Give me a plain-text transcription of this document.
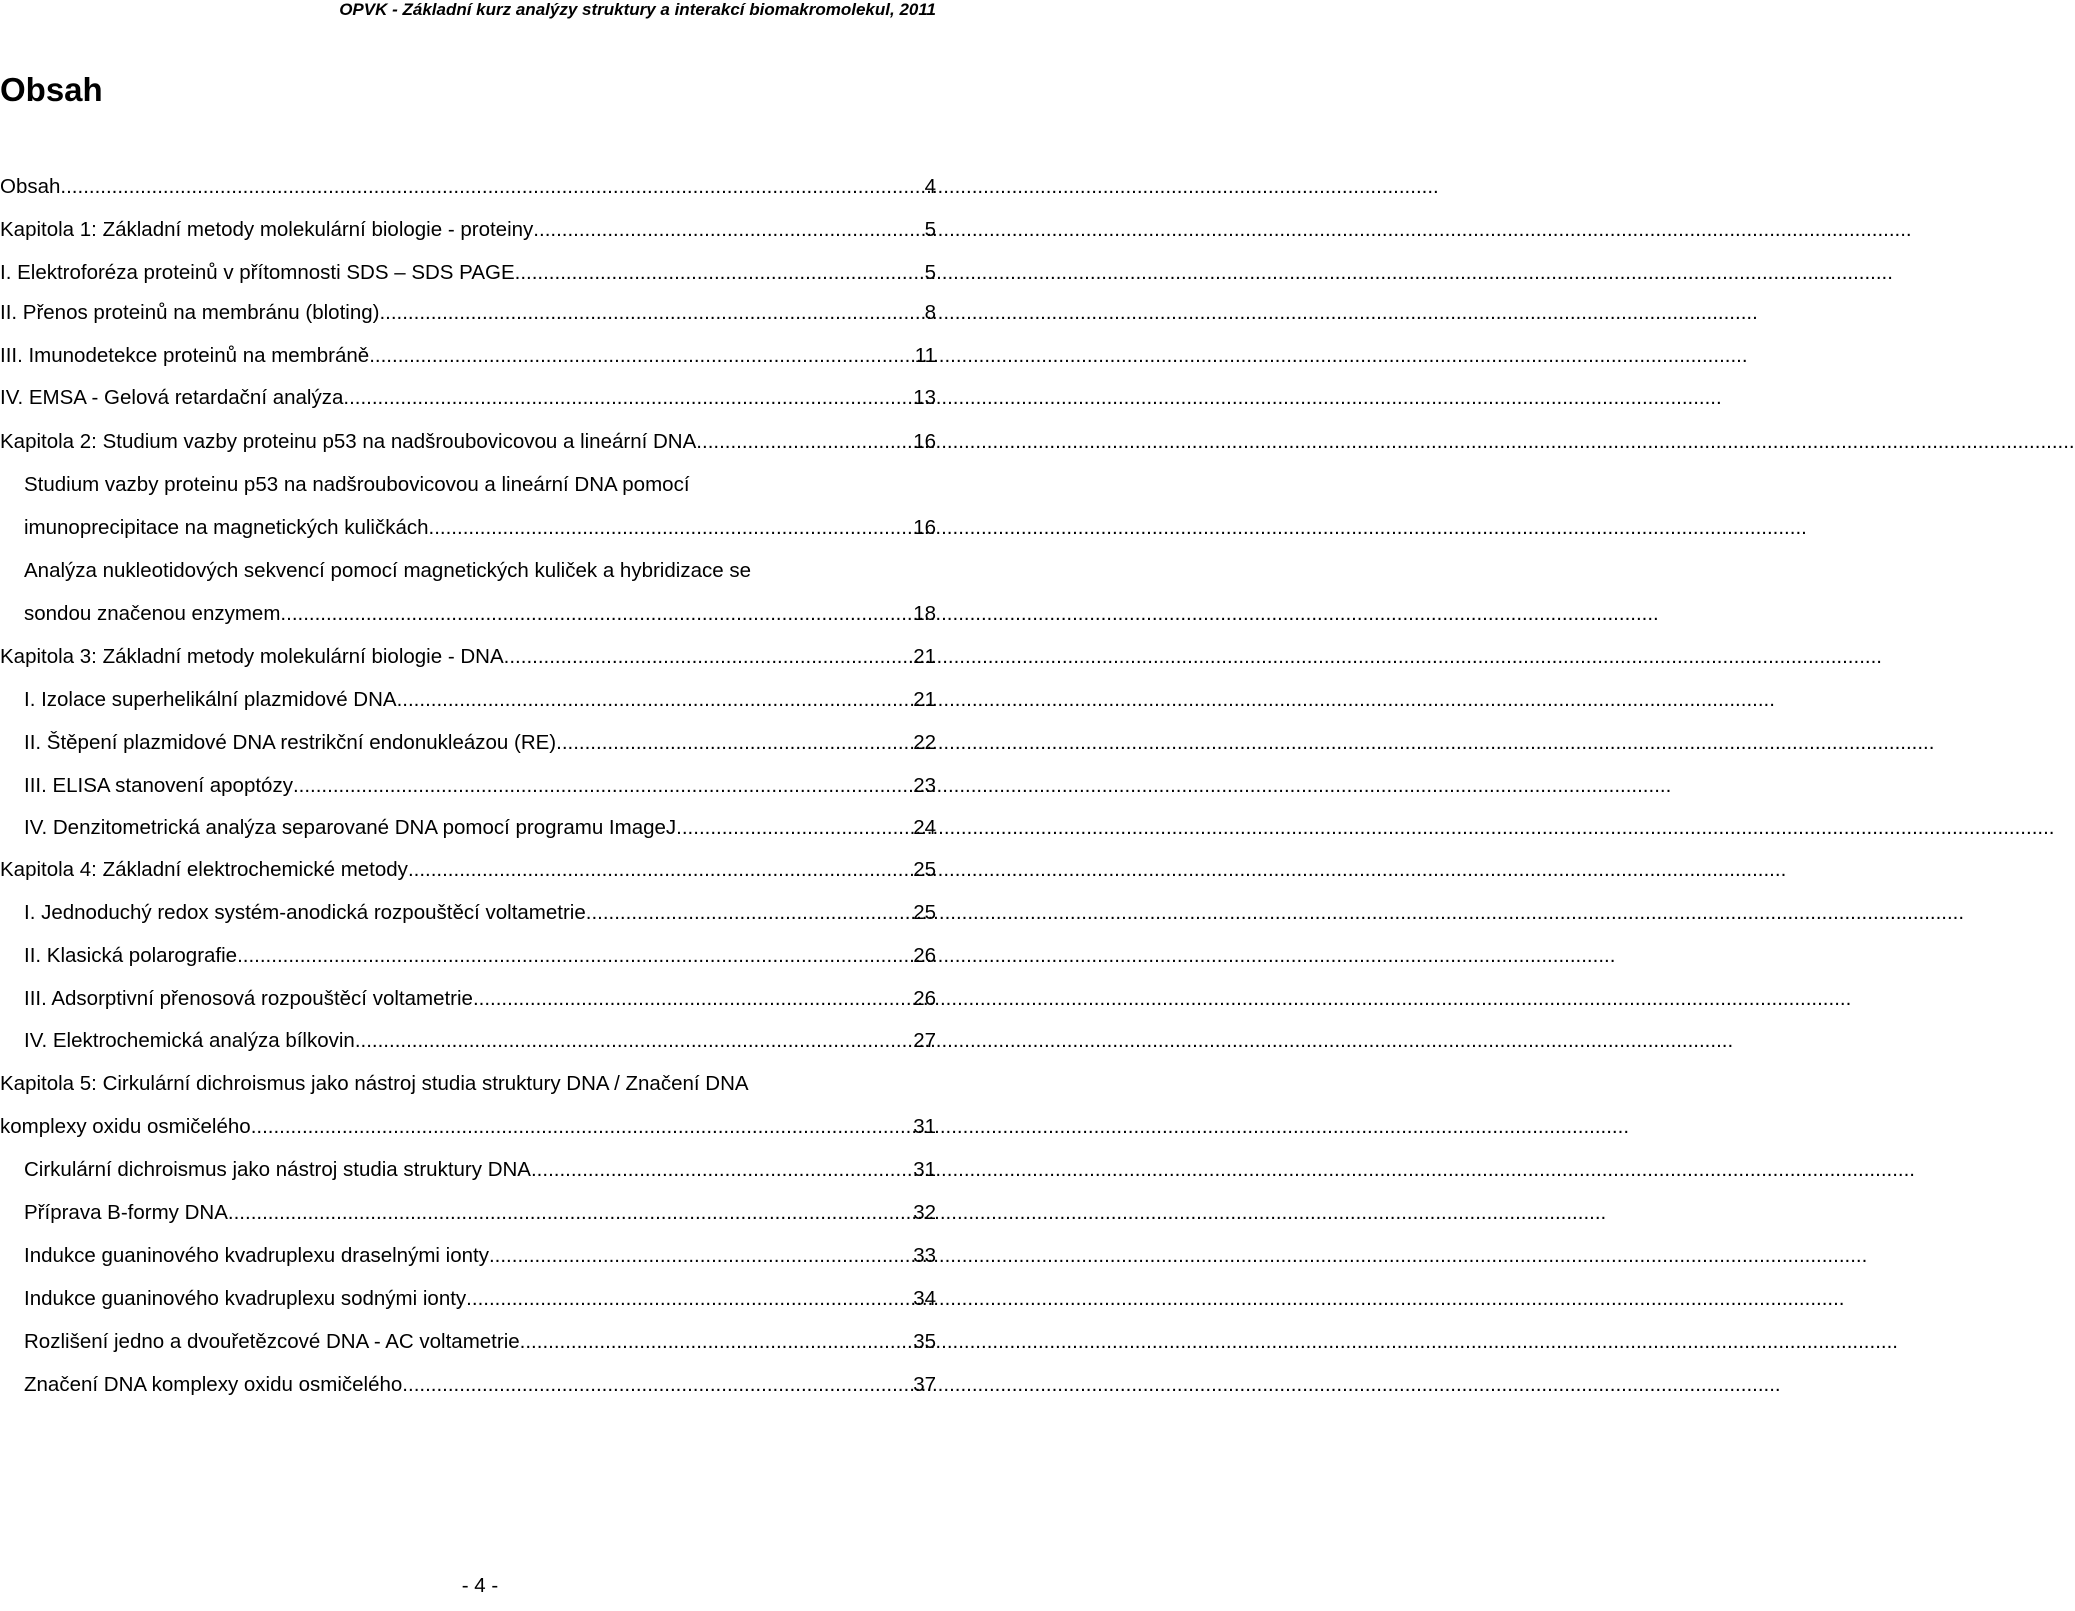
OPVK - Základní kurz analýzy struktury a interakcí biomakromolekul, 2011
Obsah
Obsah .....	4
Kapitola 1: Základní metody molekulární biologie - proteiny .....	5
I. Elektroforéza proteinů v přítomnosti SDS – SDS PAGE .....	5
II. Přenos proteinů na membránu (bloting) .....	8
III. Imunodetekce proteinů na membráně .....	11
IV. EMSA - Gelová retardační analýza .....	13
Kapitola 2: Studium vazby proteinu p53 na nadšroubovicovou a lineární DNA .....	16
Studium vazby proteinu p53 na nadšroubovicovou a lineární DNA pomocí
imunoprecipitace na magnetických kuličkách .....	16
Analýza nukleotidových sekvencí pomocí magnetických kuliček a hybridizace se
sondou značenou enzymem .....	18
Kapitola 3: Základní metody molekulární biologie - DNA .....	21
I. Izolace superhelikální plazmidové DNA .....	21
II. Štěpení plazmidové DNA restrikční endonukleázou (RE) .....	22
III. ELISA stanovení apoptózy .....	23
IV. Denzitometrická analýza separované DNA pomocí programu ImageJ .....	24
Kapitola 4: Základní elektrochemické metody .....	25
I. Jednoduchý redox systém-anodická rozpouštěcí voltametrie .....	25
II. Klasická polarografie .....	26
III. Adsorptivní přenosová rozpouštěcí voltametrie .....	26
IV. Elektrochemická analýza bílkovin .....	27
Kapitola 5: Cirkulární dichroismus jako nástroj studia struktury DNA / Značení DNA
komplexy oxidu osmičelého .....	31
Cirkulární dichroismus jako nástroj studia struktury DNA. .....	31
Příprava B-formy DNA .....	32
Indukce guaninového kvadruplexu draselnými ionty .....	33
Indukce guaninového kvadruplexu sodnými ionty .....	34
Rozlišení jedno a dvouřetězcové DNA - AC voltametrie .....	35
Značení DNA komplexy oxidu osmičelého .....	37
- 4 -
